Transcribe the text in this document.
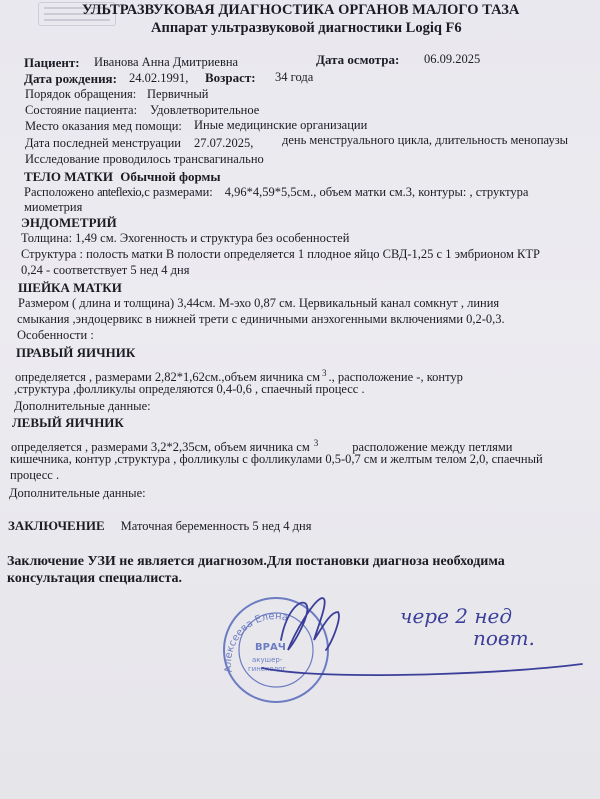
УЛЬТРАЗВУКОВАЯ ДИАГНОСТИКА ОРГАНОВ МАЛОГО ТАЗА
Аппарат ультразвуковой диагностики Logiq F6
Пациент: Иванова Анна Дмитриевна	Дата осмотра: 06.09.2025
Дата рождения: 24.02.1991, Возраст: 34 года
Порядок обращения: Первичный
Состояние пациента: Удовлетворительное
Место оказания мед помощи: Иные медицинские организации
Дата последней менструации 27.07.2025, день менструального цикла, длительность менопаузы
Исследование проводилось трансвагинально
ТЕЛО МАТКИ Обычной формы
Расположено anteflexio,с размерами: 4,96*4,59*5,5см., объем матки см.3, контуры: , структура
миометрия
ЭНДОМЕТРИЙ
Толщина: 1,49 см. Эхогенность и структура без особенностей
Структура : полость матки В полости определяется 1 плодное яйцо СВД-1,25 с 1 эмбрионом КТР
0,24 - соответствует 5 нед 4 дня
ШЕЙКА МАТКИ
Размером ( длина и толщина) 3,44см. М-эхо 0,87 см. Цервикальный канал сомкнут , линия
смыкания ,эндоцервикс в нижней трети с единичными анэхогенными включениями 0,2-0,3.
Особенности :
ПРАВЫЙ ЯИЧНИК
определяется , размерами 2,82*1,62см.,объем яичника см $^3$ ., расположение -, контур
,структура ,фолликулы определяются 0,4-0,6 , спаечный процесс .
Дополнительные данные:
ЛЕВЫЙ ЯИЧНИК
определяется , размерами 3,2*2,35см, объем яичника см $^3$	расположение между петлями
кишечника, контур ,структура , фолликулы с фолликулами 0,5-0,7 см и желтым телом 2,0, спаечный
процесс .
Дополнительные данные:
ЗАКЛЮЧЕНИЕ Маточная беременность 5 нед 4 дня
Заключение УЗИ не является диагнозом.Для постановки диагноза необходима
консультация специалиста.
Алексеева Елена
ВРАЧ
акушер-
гинеколог
чере 2 нед
повт.
